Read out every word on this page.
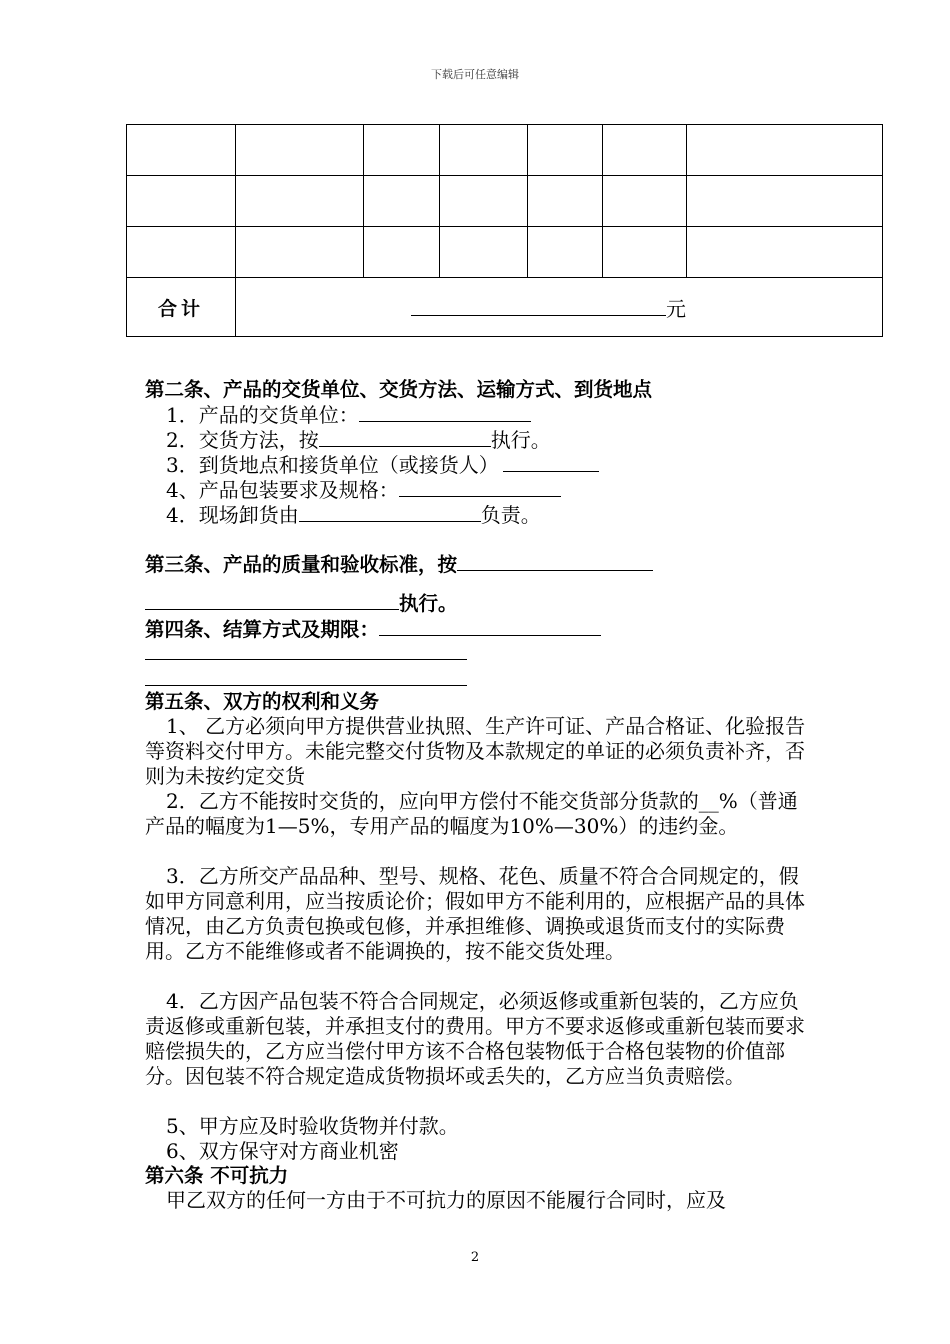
下载后可任意编辑

合计	元					
第二条、产品的交货单位、交货方法、运输方式、到货地点
1．产品的交货单位：
2．交货方法，按	执行。
3．到货地点和接货单位（或接货人）
4、产品包装要求及规格：
4．现场卸货由	负责。
第三条、产品的质量和验收标准，按
执行。
第四条、结算方式及期限：
第五条、双方的权利和义务
1、 乙方必须向甲方提供营业执照、生产许可证、产品合格证、化验报告等资料交付甲方。未能完整交付货物及本款规定的单证的必须负责补齐，否则为未按约定交货
2．乙方不能按时交货的，应向甲方偿付不能交货部分货款的__%（普通产品的幅度为1—5%，专用产品的幅度为10%—30%）的违约金。
3．乙方所交产品品种、型号、规格、花色、质量不符合合同规定的，假如甲方同意利用，应当按质论价；假如甲方不能利用的，应根据产品的具体情况，由乙方负责包换或包修，并承担维修、调换或退货而支付的实际费用。乙方不能维修或者不能调换的，按不能交货处理。
4．乙方因产品包装不符合合同规定，必须返修或重新包装的，乙方应负责返修或重新包装，并承担支付的费用。甲方不要求返修或重新包装而要求赔偿损失的，乙方应当偿付甲方该不合格包装物低于合格包装物的价值部分。因包装不符合规定造成货物损坏或丢失的，乙方应当负责赔偿。
5、甲方应及时验收货物并付款。
6、双方保守对方商业机密
第六条 不可抗力
甲乙双方的任何一方由于不可抗力的原因不能履行合同时，应及
2
